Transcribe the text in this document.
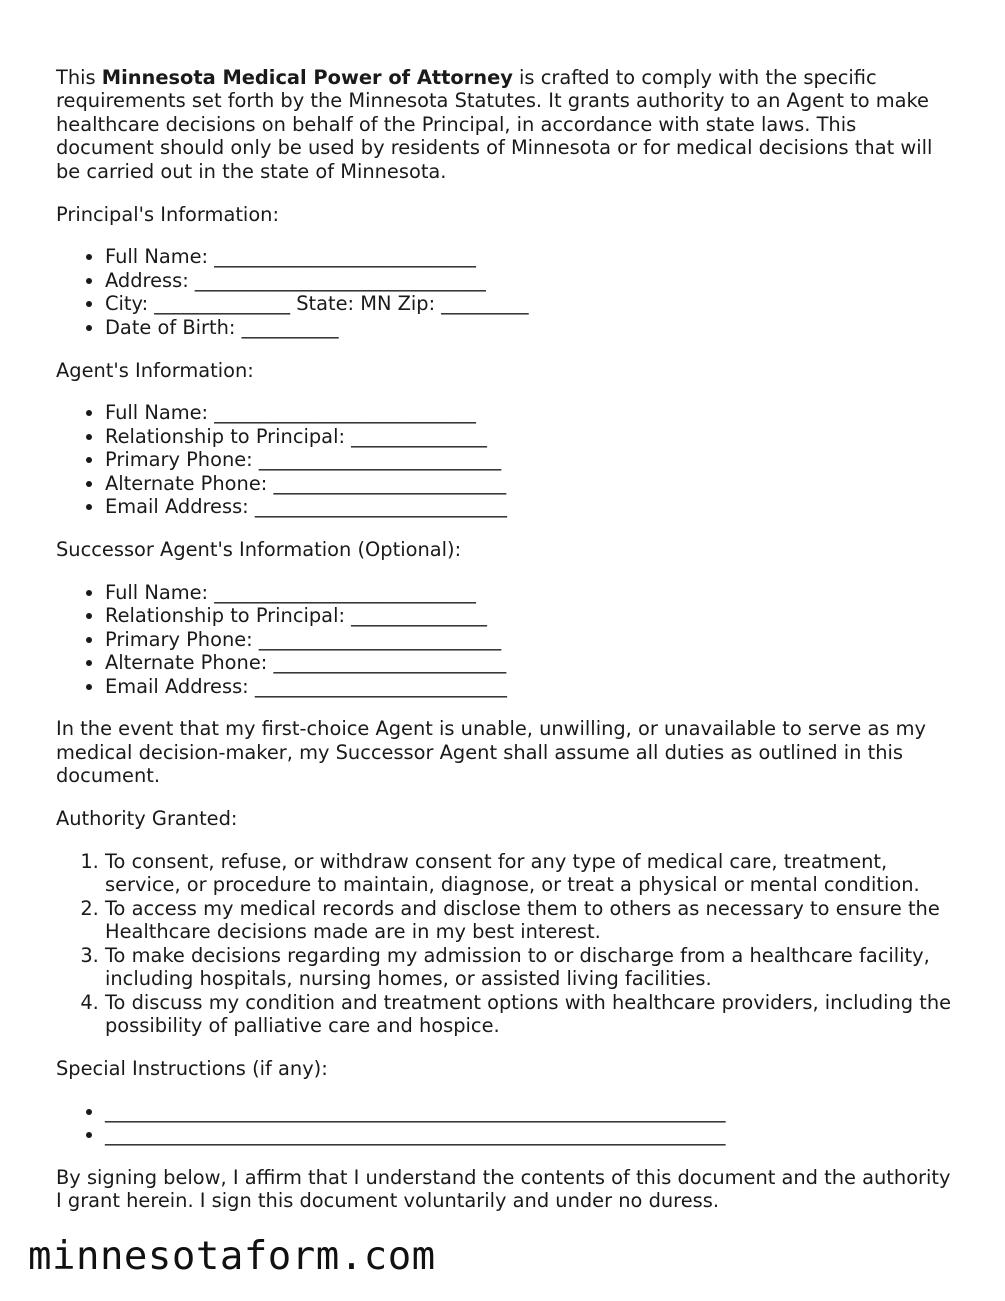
This Minnesota Medical Power of Attorney is crafted to comply with the specific requirements set forth by the Minnesota Statutes. It grants authority to an Agent to make healthcare decisions on behalf of the Principal, in accordance with state laws. This document should only be used by residents of Minnesota or for medical decisions that will be carried out in the state of Minnesota.

Principal's Information:

• Full Name: ___________________________
• Address: ______________________________
• City: ______________ State: MN Zip: _________
• Date of Birth: __________

Agent's Information:

• Full Name: ___________________________
• Relationship to Principal: ______________
• Primary Phone: _________________________
• Alternate Phone: ________________________
• Email Address: __________________________

Successor Agent's Information (Optional):

• Full Name: ___________________________
• Relationship to Principal: ______________
• Primary Phone: _________________________
• Alternate Phone: ________________________
• Email Address: __________________________

In the event that my first-choice Agent is unable, unwilling, or unavailable to serve as my medical decision-maker, my Successor Agent shall assume all duties as outlined in this document.

Authority Granted:

1. To consent, refuse, or withdraw consent for any type of medical care, treatment, service, or procedure to maintain, diagnose, or treat a physical or mental condition.
2. To access my medical records and disclose them to others as necessary to ensure the Healthcare decisions made are in my best interest.
3. To make decisions regarding my admission to or discharge from a healthcare facility, including hospitals, nursing homes, or assisted living facilities.
4. To discuss my condition and treatment options with healthcare providers, including the possibility of palliative care and hospice.

Special Instructions (if any):

• ________________________________________________________________
• ________________________________________________________________

By signing below, I affirm that I understand the contents of this document and the authority I grant herein. I sign this document voluntarily and under no duress.

minnesotaform.com
